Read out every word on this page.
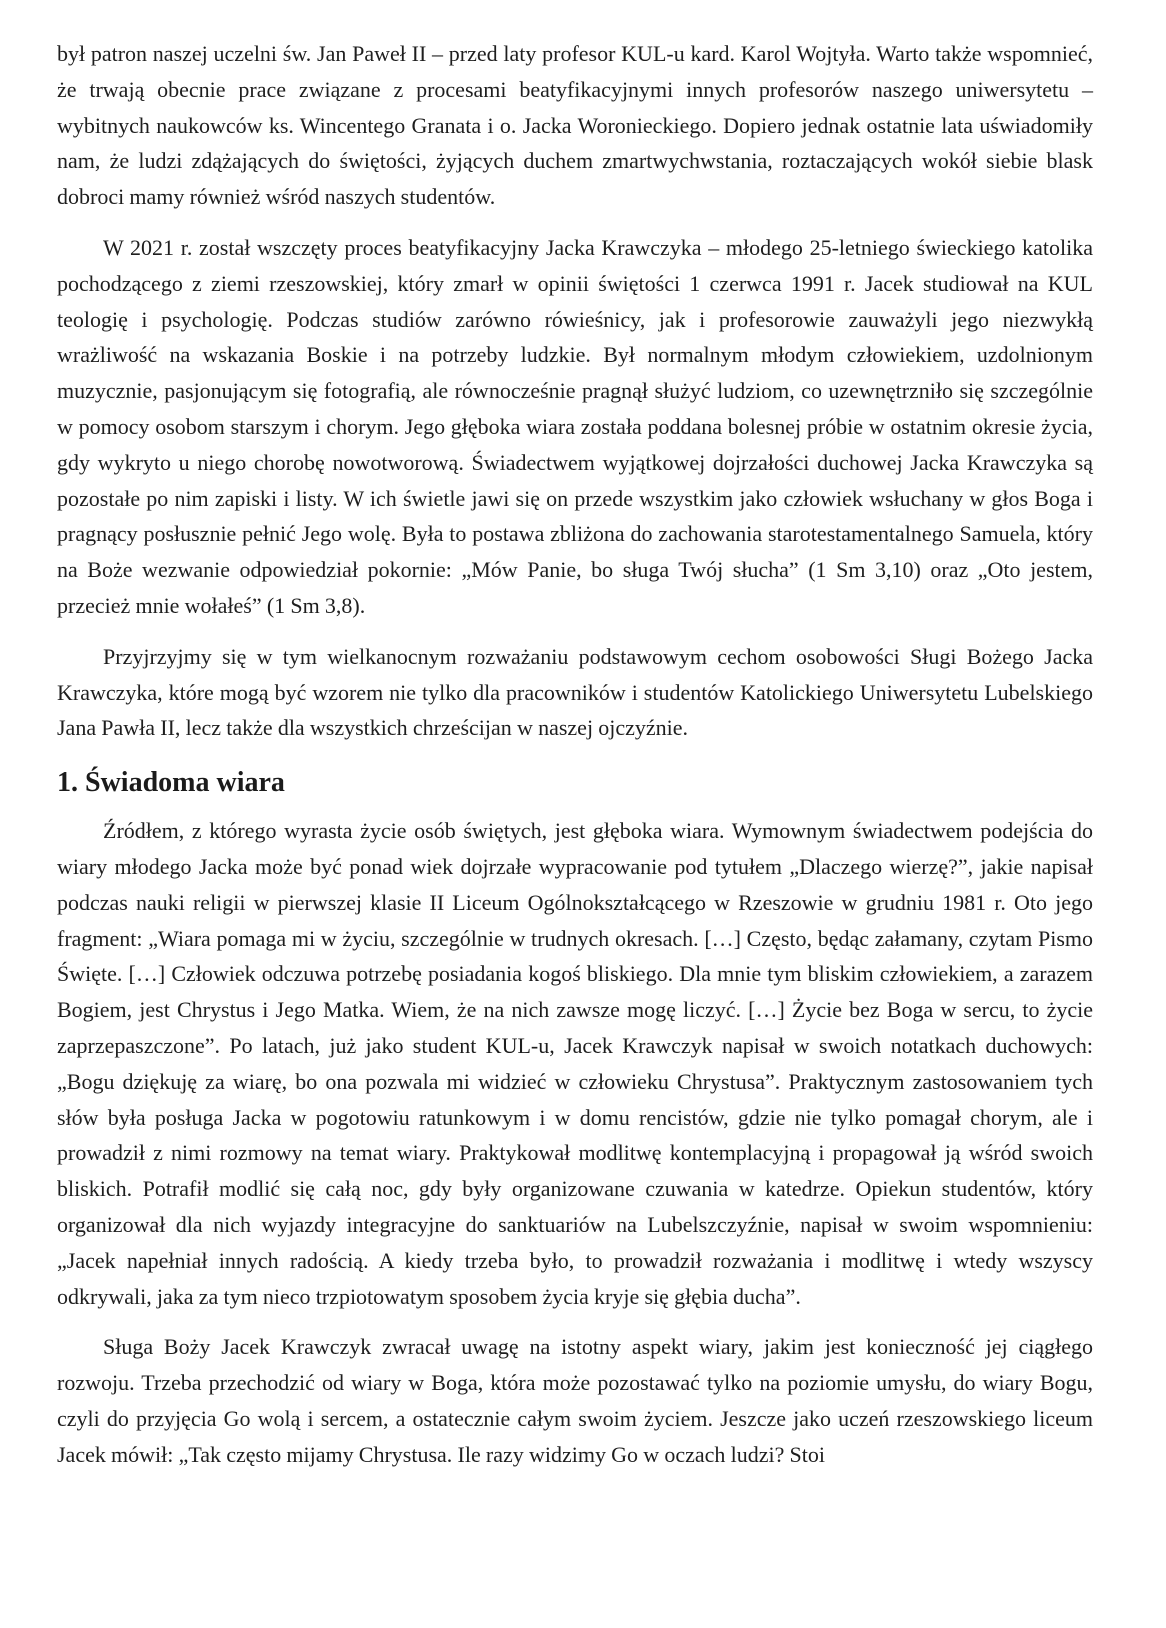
był patron naszej uczelni św. Jan Paweł II – przed laty profesor KUL-u kard. Karol Wojtyła. Warto także wspomnieć, że trwają obecnie prace związane z procesami beatyfikacyjnymi innych profesorów naszego uniwersytetu – wybitnych naukowców ks. Wincentego Granata i o. Jacka Woronieckiego. Dopiero jednak ostatnie lata uświadomiły nam, że ludzi zdążających do świętości, żyjących duchem zmartwychwstania, roztaczających wokół siebie blask dobroci mamy również wśród naszych studentów.

W 2021 r. został wszczęty proces beatyfikacyjny Jacka Krawczyka – młodego 25-letniego świeckiego katolika pochodzącego z ziemi rzeszowskiej, który zmarł w opinii świętości 1 czerwca 1991 r. Jacek studiował na KUL teologię i psychologię. Podczas studiów zarówno rówieśnicy, jak i profesorowie zauważyli jego niezwykłą wrażliwość na wskazania Boskie i na potrzeby ludzkie. Był normalnym młodym człowiekiem, uzdolnionym muzycznie, pasjonującym się fotografią, ale równocześnie pragnął służyć ludziom, co uzewnętrzniło się szczególnie w pomocy osobom starszym i chorym. Jego głęboka wiara została poddana bolesnej próbie w ostatnim okresie życia, gdy wykryto u niego chorobę nowotworową. Świadectwem wyjątkowej dojrzałości duchowej Jacka Krawczyka są pozostałe po nim zapiski i listy. W ich świetle jawi się on przede wszystkim jako człowiek wsłuchany w głos Boga i pragnący posłusznie pełnić Jego wolę. Była to postawa zbliżona do zachowania starotestamentalnego Samuela, który na Boże wezwanie odpowiedział pokornie: „Mów Panie, bo sługa Twój słucha” (1 Sm 3,10) oraz „Oto jestem, przecież mnie wołałeś” (1 Sm 3,8).

Przyjrzyjmy się w tym wielkanocnym rozważaniu podstawowym cechom osobowości Sługi Bożego Jacka Krawczyka, które mogą być wzorem nie tylko dla pracowników i studentów Katolickiego Uniwersytetu Lubelskiego Jana Pawła II, lecz także dla wszystkich chrześcijan w naszej ojczyźnie.

1. Świadoma wiara

Źródłem, z którego wyrasta życie osób świętych, jest głęboka wiara. Wymownym świadectwem podejścia do wiary młodego Jacka może być ponad wiek dojrzałe wypracowanie pod tytułem „Dlaczego wierzę?”, jakie napisał podczas nauki religii w pierwszej klasie II Liceum Ogólnokształcącego w Rzeszowie w grudniu 1981 r. Oto jego fragment: „Wiara pomaga mi w życiu, szczególnie w trudnych okresach. […] Często, będąc załamany, czytam Pismo Święte. […] Człowiek odczuwa potrzebę posiadania kogoś bliskiego. Dla mnie tym bliskim człowiekiem, a zarazem Bogiem, jest Chrystus i Jego Matka. Wiem, że na nich zawsze mogę liczyć. […] Życie bez Boga w sercu, to życie zaprzepaszczone”. Po latach, już jako student KUL-u, Jacek Krawczyk napisał w swoich notatkach duchowych: „Bogu dziękuję za wiarę, bo ona pozwala mi widzieć w człowieku Chrystusa”. Praktycznym zastosowaniem tych słów była posługa Jacka w pogotowiu ratunkowym i w domu rencistów, gdzie nie tylko pomagał chorym, ale i prowadził z nimi rozmowy na temat wiary. Praktykował modlitwę kontemplacyjną i propagował ją wśród swoich bliskich. Potrafił modlić się całą noc, gdy były organizowane czuwania w katedrze. Opiekun studentów, który organizował dla nich wyjazdy integracyjne do sanktuariów na Lubelszczyźnie, napisał w swoim wspomnieniu: „Jacek napełniał innych radością. A kiedy trzeba było, to prowadził rozważania i modlitwę i wtedy wszyscy odkrywali, jaka za tym nieco trzpiotowatym sposobem życia kryje się głębia ducha”.

Sługa Boży Jacek Krawczyk zwracał uwagę na istotny aspekt wiary, jakim jest konieczność jej ciągłego rozwoju. Trzeba przechodzić od wiary w Boga, która może pozostawać tylko na poziomie umysłu, do wiary Bogu, czyli do przyjęcia Go wolą i sercem, a ostatecznie całym swoim życiem. Jeszcze jako uczeń rzeszowskiego liceum Jacek mówił: „Tak często mijamy Chrystusa. Ile razy widzimy Go w oczach ludzi? Stoi
